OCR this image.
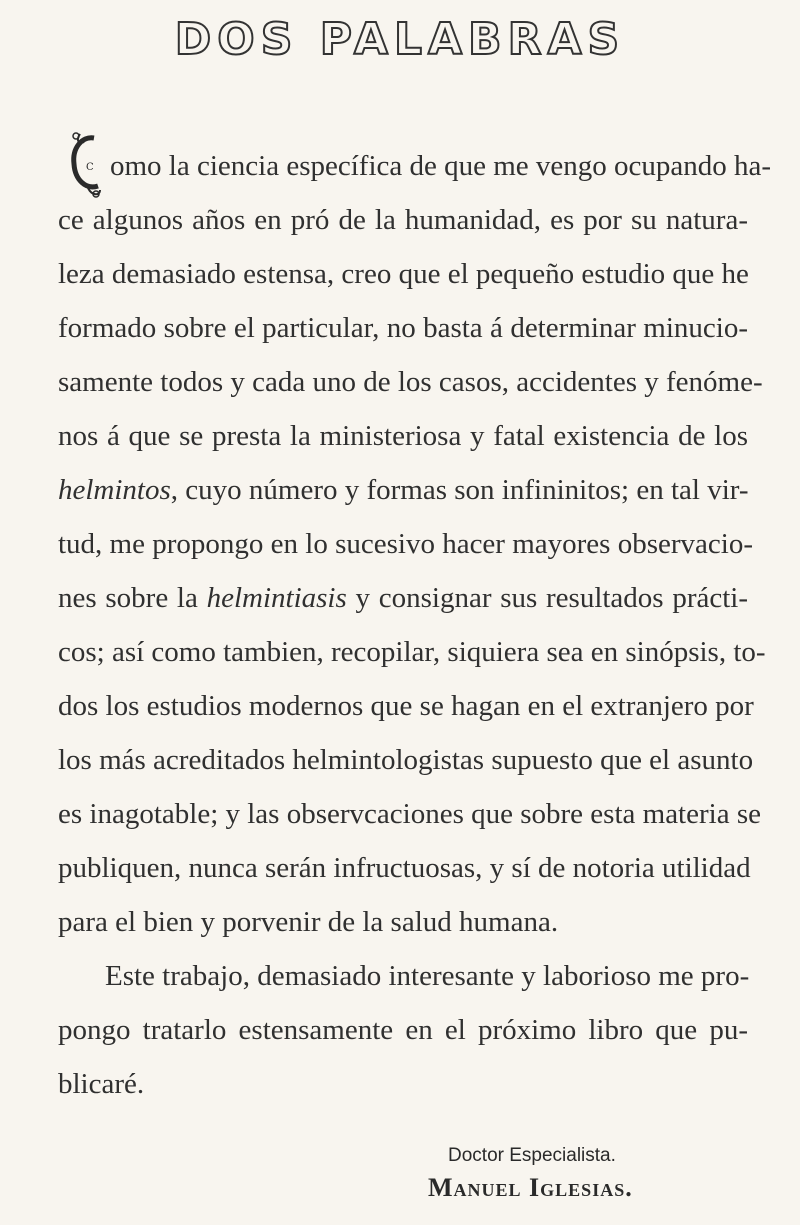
DOS PALABRAS
C omo la ciencia específica de que me vengo ocupando ha-
ce algunos años en pró de la humanidad, es por su natura-
leza demasiado estensa, creo que el pequeño estudio que he
formado sobre el particular, no basta á determinar minucio-
samente todos y cada uno de los casos, accidentes y fenóme-
nos á que se presta la ministeriosa y fatal existencia de los
helmintos, cuyo número y formas son infininitos; en tal vir-
tud, me propongo en lo sucesivo hacer mayores observacio-
nes sobre la helmintiasis y consignar sus resultados prácti-
cos; así como tambien, recopilar, siquiera sea en sinópsis, to-
dos los estudios modernos que se hagan en el extranjero por
los más acreditados helmintologistas supuesto que el asunto
es inagotable; y las observcaciones que sobre esta materia se
publiquen, nunca serán infructuosas, y sí de notoria utilidad
para el bien y porvenir de la salud humana.
Este trabajo, demasiado interesante y laborioso me pro-
pongo tratarlo estensamente en el próximo libro que pu-
blicaré.
Doctor Especialista.
Manuel Iglesias.
